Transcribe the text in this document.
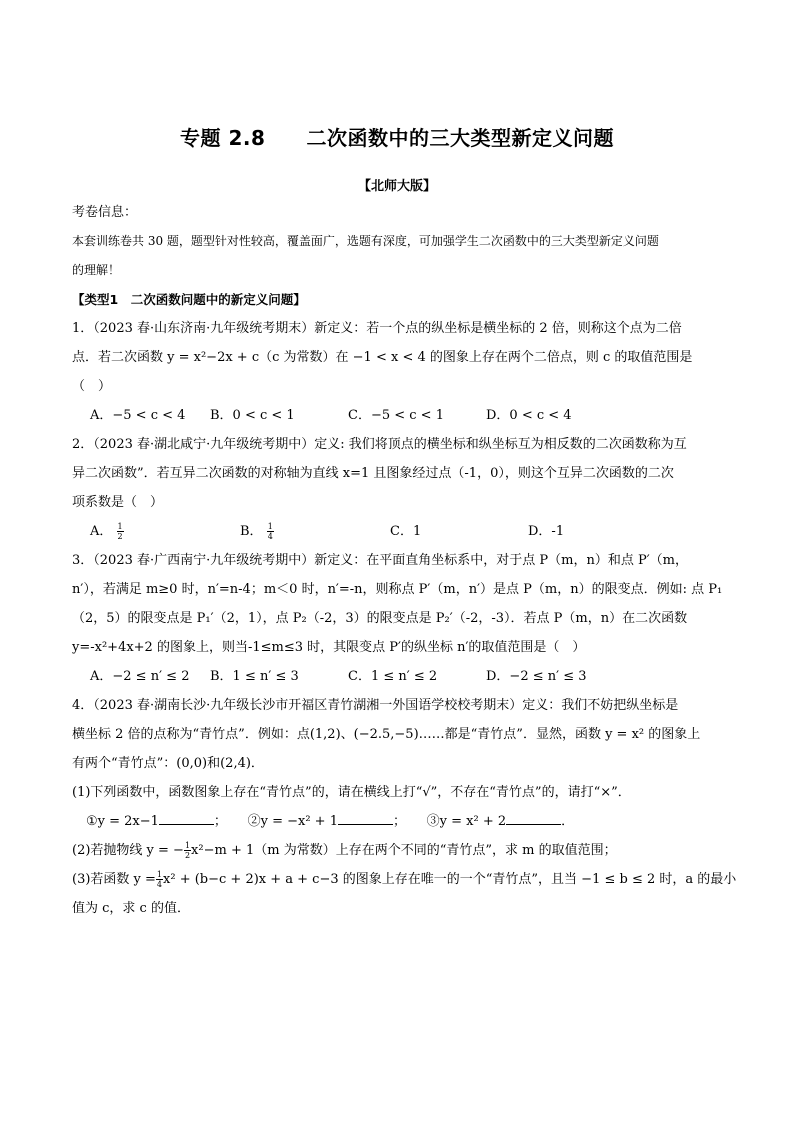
专题 2.8　　二次函数中的三大类型新定义问题
【北师大版】
考卷信息：
本套训练卷共 30 题，题型针对性较高，覆盖面广，选题有深度，可加强学生二次函数中的三大类型新定义问题
的理解！
【类型1　二次函数问题中的新定义问题】
1．（2023 春·山东济南·九年级统考期末）新定义：若一个点的纵坐标是横坐标的 2 倍，则称这个点为二倍
点．若二次函数 y = x²−2x + c（c 为常数）在 −1 < x < 4 的图象上存在两个二倍点，则 c 的取值范围是
（　）
A．−5 < c < 4	B．0 < c < 1	C．−5 < c < 1	D．0 < c < 4
2．（2023 春·湖北咸宁·九年级统考期中）定义: 我们将顶点的横坐标和纵坐标互为相反数的二次函数称为互
异二次函数”．若互异二次函数的对称轴为直线 x=1 且图象经过点（-1，0），则这个互异二次函数的二次
项系数是（　）
A． $\frac{1}{2}$	B． $\frac{1}{4}$	C．1	D．-1
3．（2023 春·广西南宁·九年级统考期中）新定义：在平面直角坐标系中，对于点 P（m，n）和点 P′（m，
n′），若满足 m≥0 时，n′=n-4；m＜0 时，n′=-n，则称点 P′（m，n′）是点 P（m，n）的限变点．例如: 点 P₁
（2，5）的限变点是 P₁′（2，1），点 P₂（-2，3）的限变点是 P₂′（-2，-3）．若点 P（m，n）在二次函数
y=-x²+4x+2 的图象上，则当-1≤m≤3 时，其限变点 P′的纵坐标 n′的取值范围是（　）
A．−2 ≤ n′ ≤ 2	B．1 ≤ n′ ≤ 3	C．1 ≤ n′ ≤ 2	D．−2 ≤ n′ ≤ 3
4．（2023 春·湖南长沙·九年级长沙市开福区青竹湖湘一外国语学校校考期末）定义：我们不妨把纵坐标是
横坐标 2 倍的点称为“青竹点”．例如：点(1,2)、(−2.5,−5)……都是“青竹点”．显然，函数 y = x² 的图象上
有两个“青竹点”：(0,0)和(2,4)．
(1)下列函数中，函数图象上存在“青竹点”的，请在横线上打“√”，不存在“青竹点”的，请打“×”．
①y = 2x−1	；     ②y = −x² + 1	；     ③y = x² + 2	．
(2)若抛物线 y = − $\frac{1}{2} x^2-m + 1(m$ 为常数）上存在两个不同的“青竹点”，求 m 的取值范围；
(3)若函数 $y = \frac{1}{4} x^2 + (b-c + 2)x + a + c-3$ 的图象上存在唯一的一个“青竹点”，且当 −1 ≤ b ≤ 2 时，a 的最小
值为 c，求 c 的值．
